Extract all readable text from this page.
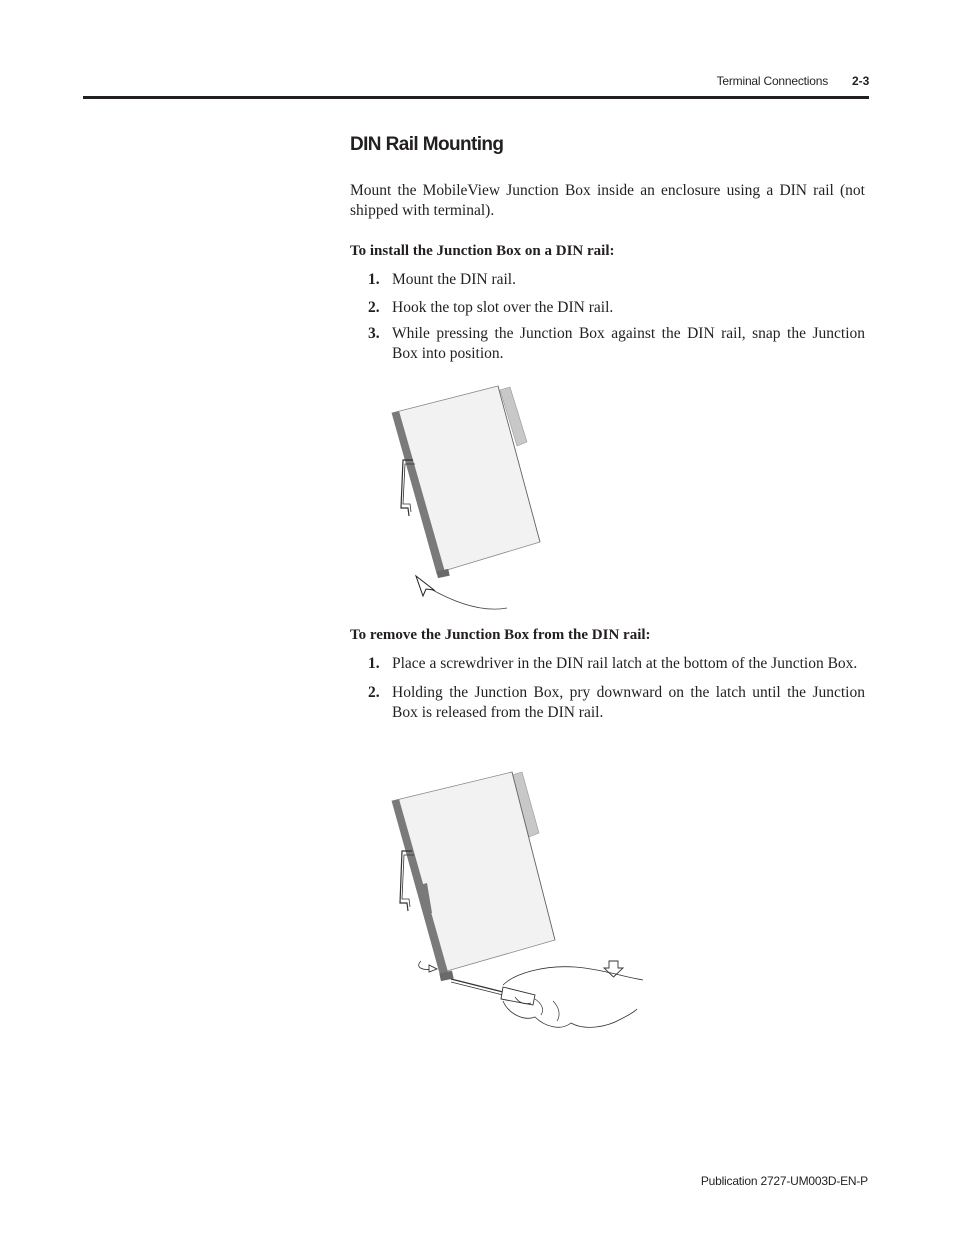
Terminal Connections 2-3
DIN Rail Mounting
Mount the MobileView Junction Box inside an enclosure using a DIN rail (not shipped with terminal).
To install the Junction Box on a DIN rail:
1. Mount the DIN rail.
2. Hook the top slot over the DIN rail.
3. While pressing the Junction Box against the DIN rail, snap the Junction Box into position.
To remove the Junction Box from the DIN rail:
1. Place a screwdriver in the DIN rail latch at the bottom of the Junction Box.
2. Holding the Junction Box, pry downward on the latch until the Junction Box is released from the DIN rail.
Publication 2727-UM003D-EN-P
